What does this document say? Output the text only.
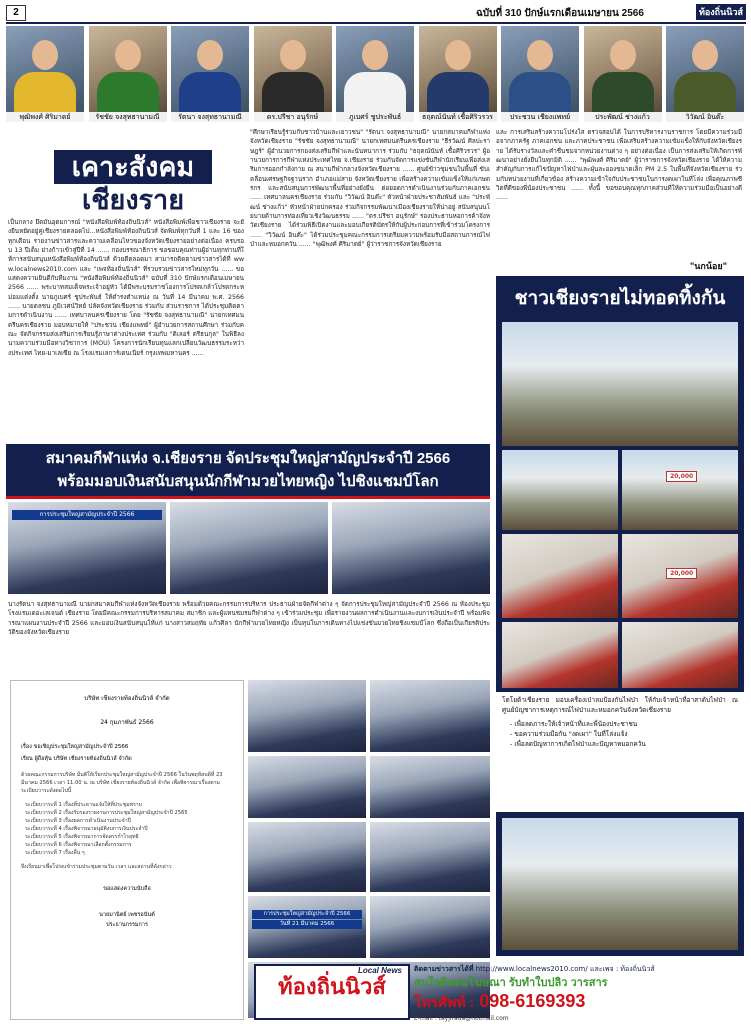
2	ฉบับที่ 310 ปักษ์แรกเดือนเมษายน 2566	ท้องถิ่นนิวส์
พุฒิพงศ์ ศิริมาตย์	รัชชัย จงสุทธานามณี	รัตนา จงสุทธานามณี	ดร.ปรีชา อนุรักษ์	ภูเบศร์ ชูประพันธ์	ธฤตณ์นันท์ เชื้อศิริวรวร	ประชวน เชียงแพทย์	ประพัฒน์ ช่างแก้ว	วิวัฒน์ อินต๊ะ
เคาะสังคม
เชียงราย
เป็นกลาง ยึดมั่นอุดมการณ์ "หนังสือพิมพ์ท้องถิ่นนิวส์" หนังสือพิมพ์เพื่อชาวเชียงราย จะยังยืนหยัดอยู่คู่เชียงรายตลอดไป...หนังสือพิมพ์ท้องถิ่นนิวส์ จัดพิมพ์ทุกวันที่ 1 และ 16 ของทุกเดือน รายงานข่าวสารและความเคลื่อนไหวของจังหวัดเชียงรายอย่างต่อเนื่อง ครบรอบ 13 ปีเต็ม ย่างก้าวเข้าสู่ปีที่ 14 ...... กองบรรณาธิการ ขอขอบคุณท่านผู้อ่านทุกท่านที่ให้การสนับสนุนหนังสือพิมพ์ท้องถิ่นนิวส์ ด้วยดีตลอดมา สามารถติดตามข่าวสารได้ที่ www.localnews2010.com และ "เพจท้องถิ่นนิวส์" ที่รวบรวมข่าวสารใหม่ทุกวัน ...... ขอแสดงความยินดีกับทีมงาน "หนังสือพิมพ์ท้องถิ่นนิวส์" ฉบับที่ 310 ปักษ์แรกเดือนเมษายน 2566 ...... พระบาทสมเด็จพระเจ้าอยู่หัว ได้มีพระบรมราชโองการโปรดเกล้าโปรดกระหม่อมแต่งตั้ง นายภูเบศร์ ชูประพันธ์ ให้ดำรงตำแหน่ง ณ วันที่ 14 มีนาคม พ.ศ. 2566 ...... นายดลชน ภูมิเวศน์วิทย์ ปลัดจังหวัดเชียงราย ร่วมกับ ส่วนราชการ ได้ประชุมติดตามการดำเนินงาน ...... เทศบาลนครเชียงราย โดย "รัชชัย จงสุทธานามณี" นายกเทศมนตรีนครเชียงราย มอบหมายให้ "ประชวน เชียงแพทย์" ผู้อำนวยการสถานศึกษา ร่วมกับคณะ จัดกิจกรรมส่งเสริมการเรียนรู้ภาษาต่างประเทศ ร่วมกับ "ดิเลอร์ ตรีธนกุล" ในพิธีลงนามความร่วมมือทางวิชาการ (MOU) โครงการนักเรียนทุนแลกเปลี่ยนวัฒนธรรมระหว่างประเทศ ไทย-มาเลเซีย ณ โรงแรมเลการ์เดนเนียร์ กรุงเทพมหานคร ......
"ศึกษาเรียนรู้ร่วมกับชาวบ้านและเยาวชน" "รัตนา จงสุทธานามณี" นายกสมาคมกีฬาแห่งจังหวัดเชียงราย "รัชชัย จงสุทธานามณี" นายกเทศมนตรีนครเชียงราย "ธีรวัฒน์ ศิลปะราษฎร์" ผู้อำนวยการกองส่งเสริมกีฬาและนันทนาการ ร่วมกับ "ธฤตณ์นันท์ เชื้อศิริวรวร" ผู้อำนวยการการกีฬาแห่งประเทศไทย จ.เชียงราย ร่วมกันจัดการแข่งขันกีฬานักเรียนเพื่อส่งเสริมการออกกำลังกาย ณ สนามกีฬากลางจังหวัดเชียงราย ...... ศูนย์ข้าวชุมชนในพื้นที่ ขับเคลื่อนเศรษฐกิจฐานราก อำเภอแม่สาย จังหวัดเชียงราย เพื่อสร้างความเข้มแข็งให้แก่เกษตรกร และสนับสนุนการพัฒนาพื้นที่อย่างยั่งยืน ต่อยอดการดำเนินงานร่วมกับภาคเอกชน ...... เทศบาลนครเชียงราย ร่วมกับ "วิวัฒน์ อินต๊ะ" หัวหน้าฝ่ายประชาสัมพันธ์ และ "ประพัฒน์ ช่างแก้ว" หัวหน้าฝ่ายปกครอง ร่วมกิจกรรมพัฒนาเมืองเชียงรายให้น่าอยู่ สนับสนุนนโยบายด้านการท่องเที่ยวเชิงวัฒนธรรม ...... "ดร.ปรีชา อนุรักษ์" รองประธานหอการค้าจังหวัดเชียงราย ได้ร่วมพิธีเปิดงานและมอบเกียรติบัตรให้กับผู้ประกอบการที่เข้าร่วมโครงการ ...... "วิวัฒน์ อินต๊ะ" ได้ร่วมประชุมคณะกรรมการเตรียมความพร้อมรับมือสถานการณ์ไฟป่าและหมอกควัน ...... "พุฒิพงศ์ ศิริมาตย์" ผู้ว่าราชการจังหวัดเชียงราย
และ การเสริมสร้างความโปร่งใส ตรวจสอบได้ ในการบริหารงานราชการ โดยมีความร่วมมือจากภาครัฐ ภาคเอกชน และภาคประชาชน เพื่อเสริมสร้างความเข้มแข็งให้กับจังหวัดเชียงราย ได้รับรางวัลและคำชื่นชมจากหน่วยงานต่าง ๆ อย่างต่อเนื่อง เป็นการส่งเสริมให้เกิดการพัฒนาอย่างยั่งยืนในทุกมิติ ...... "พุฒิพงศ์ ศิริมาตย์" ผู้ว่าราชการจังหวัดเชียงราย ได้ให้ความสำคัญกับการแก้ไขปัญหาไฟป่าและฝุ่นละอองขนาดเล็ก PM 2.5 ในพื้นที่จังหวัดเชียงราย ร่วมกับหน่วยงานที่เกี่ยวข้อง สร้างความเข้าใจกับประชาชนในการงดเผาในที่โล่ง เพื่อคุณภาพชีวิตที่ดีของพี่น้องประชาชน ...... ทั้งนี้ ขอขอบคุณทุกภาคส่วนที่ให้ความร่วมมือเป็นอย่างดี ......
"นกน้อย"
สมาคมกีฬาแห่ง จ.เชียงราย จัดประชุมใหญ่สามัญประจำปี 2566
พร้อมมอบเงินสนับสนุนนักกีฬามวยไทยหญิง ไปชิงแชมป์โลก
การประชุมใหญ่สามัญประจำปี 2566
นางรัตนา จงสุทธานามณี นายกสมาคมกีฬาแห่งจังหวัดเชียงราย พร้อมด้วยคณะกรรมการบริหาร ประธานฝ่ายจัดกีฬาต่าง ๆ จัดการประชุมใหญ่สามัญประจำปี 2566 ณ ห้องประชุม โรงแรมเดอะเลเจนด์ เชียงราย โดยมีคณะกรรมการบริหารสมาคม สมาชิก และผู้แทนชมรมกีฬาต่าง ๆ เข้าร่วมประชุม เพื่อรายงานผลการดำเนินงานและงบการเงินประจำปี พร้อมพิจารณาแผนงานประจำปี 2566 และมอบเงินสนับสนุนให้แก่ นางสาวสมฤทัย แก้วศิลา นักกีฬามวยไทยหญิง เป็นทุนในการเดินทางไปแข่งขันมวยไทยชิงแชมป์โลก ซึ่งถือเป็นเกียรติประวัติของจังหวัดเชียงราย
บริษัท เชียงรายท้องถิ่นนิวส์ จำกัด
24 กุมภาพันธ์ 2566
เรื่อง ขอเชิญประชุมใหญ่สามัญประจำปี 2566
เรียน ผู้ถือหุ้น บริษัท เชียงรายท้องถิ่นนิวส์ จำกัด
ด้วยคณะกรรมการบริษัท มีมติให้เรียกประชุมใหญ่สามัญประจำปี 2566 ในวันพฤหัสบดีที่ 23 มีนาคม 2566 เวลา 11.00 น. ณ บริษัท เชียงรายท้องถิ่นนิวส์ จำกัด เพื่อพิจารณาเรื่องตามระเบียบวาระดังต่อไปนี้
ระเบียบวาระที่ 1 เรื่องที่ประธานแจ้งให้ที่ประชุมทราบ
ระเบียบวาระที่ 2 เรื่องรับรองรายงานการประชุมใหญ่สามัญประจำปี 2565
ระเบียบวาระที่ 3 เรื่องผลการดำเนินงานประจำปี
ระเบียบวาระที่ 4 เรื่องพิจารณาอนุมัติงบการเงินประจำปี
ระเบียบวาระที่ 5 เรื่องพิจารณาการจัดสรรกำไรสุทธิ
ระเบียบวาระที่ 6 เรื่องพิจารณาเลือกตั้งกรรมการ
ระเบียบวาระที่ 7 เรื่องอื่น ๆ
จึงเรียนมาเพื่อโปรดเข้าร่วมประชุมตามวัน เวลา และสถานที่ดังกล่าว
ขอแสดงความนับถือ
นายมานิตย์ เพชรอนันต์
ประธานกรรมการ
การประชุมใหญ่สามัญประจำปี 2566
วันที่ 21 มีนาคม 2566
ชาวเชียงรายไม่ทอดทิ้งกัน
20,000
20,000
โตโยต้าเชียงราย มอบเครื่องเป่าลมป้องกันไฟป่า ให้กับเจ้าหน้าที่อาสาดับไฟป่า ณ ศูนย์บัญชาการเหตุการณ์ไฟป่าและหมอกควันจังหวัดเชียงราย
- เพื่อลดภาระให้เจ้าหน้าที่และพี่น้องประชาชน
- ขอความร่วมมือกัน "งดเผา" ในที่โล่งแจ้ง
- เพื่อลดปัญหาการเกิดไฟป่าและปัญหาหมอกควัน
ท้องถิ่นนิวส์
Local News ติดตามข่าวสารได้ที่ http://www.localnews2010.com/ และเพจ : ท้องถิ่นนิวส์
สนใจติดต่อโฆษณา รับทำใบปลิว วารสาร
โทรศัพท์ : 098-6169393
E-mail : tayjirada@hotmail.com
